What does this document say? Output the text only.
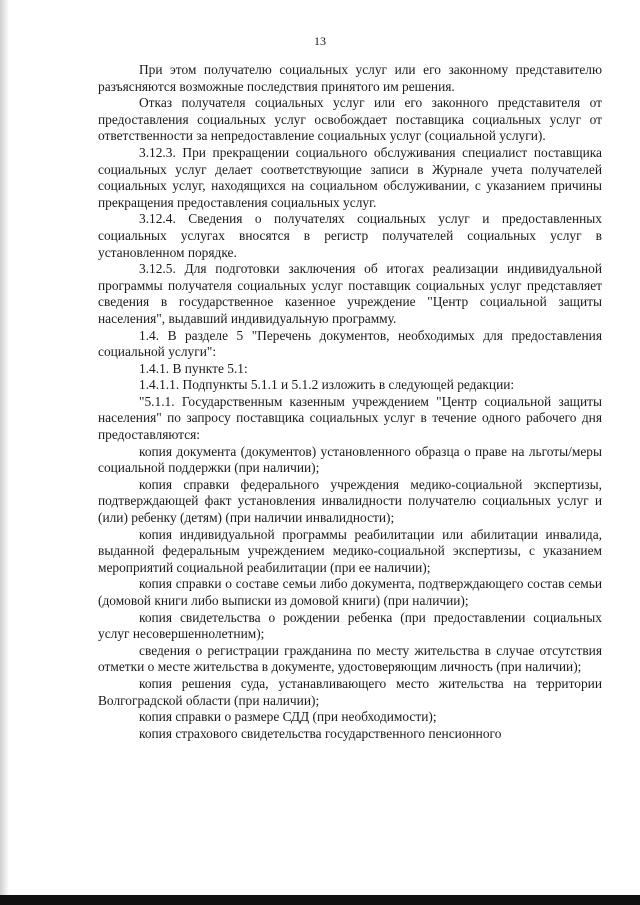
13

При этом получателю социальных услуг или его законному представителю разъясняются возможные последствия принятого им решения.

Отказ получателя социальных услуг или его законного представителя от предоставления социальных услуг освобождает поставщика социальных услуг от ответственности за непредоставление социальных услуг (социальной услуги).

3.12.3. При прекращении социального обслуживания специалист поставщика социальных услуг делает соответствующие записи в Журнале учета получателей социальных услуг, находящихся на социальном обслуживании, с указанием причины прекращения предоставления социальных услуг.

3.12.4. Сведения о получателях социальных услуг и предоставленных социальных услугах вносятся в регистр получателей социальных услуг в установленном порядке.

3.12.5. Для подготовки заключения об итогах реализации индивидуальной программы получателя социальных услуг поставщик социальных услуг представляет сведения в государственное казенное учреждение "Центр социальной защиты населения", выдавший индивидуальную программу.

1.4. В разделе 5 "Перечень документов, необходимых для предоставления социальной услуги":

1.4.1. В пункте 5.1:

1.4.1.1. Подпункты 5.1.1 и 5.1.2 изложить в следующей редакции:

"5.1.1. Государственным казенным учреждением "Центр социальной защиты населения" по запросу поставщика социальных услуг в течение одного рабочего дня предоставляются:

копия документа (документов) установленного образца о праве на льготы/меры социальной поддержки (при наличии);

копия справки федерального учреждения медико-социальной экспертизы, подтверждающей факт установления инвалидности получателю социальных услуг и (или) ребенку (детям) (при наличии инвалидности);

копия индивидуальной программы реабилитации или абилитации инвалида, выданной федеральным учреждением медико-социальной экспертизы, с указанием мероприятий социальной реабилитации (при ее наличии);

копия справки о составе семьи либо документа, подтверждающего состав семьи (домовой книги либо выписки из домовой книги) (при наличии);

копия свидетельства о рождении ребенка (при предоставлении социальных услуг несовершеннолетним);

сведения о регистрации гражданина по месту жительства в случае отсутствия отметки о месте жительства в документе, удостоверяющим личность (при наличии);

копия решения суда, устанавливающего место жительства на территории Волгоградской области (при наличии);

копия справки о размере СДД (при необходимости);

копия страхового свидетельства государственного пенсионного
